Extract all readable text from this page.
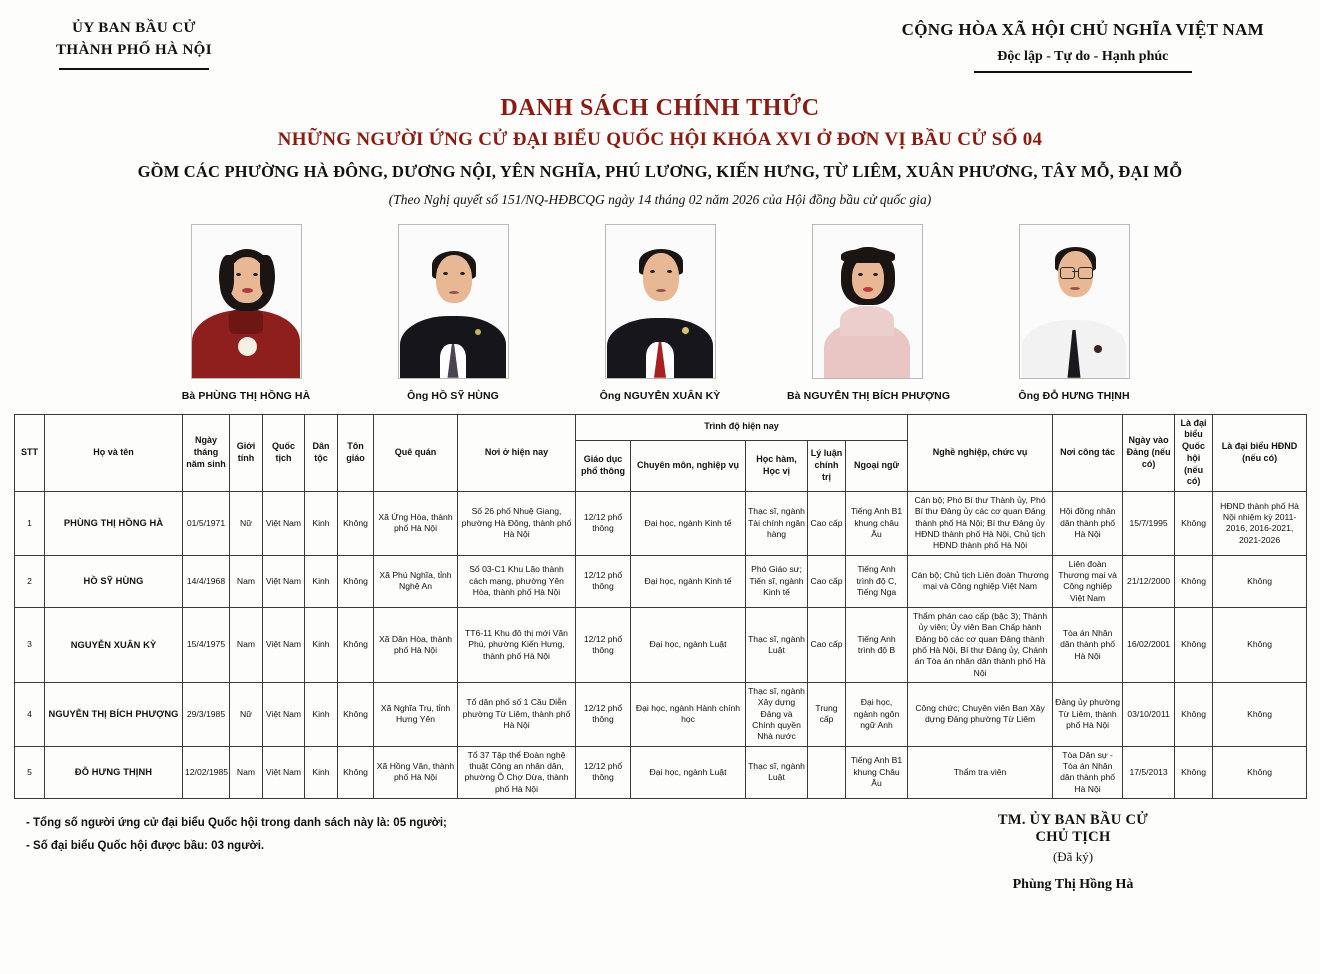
ỦY BAN BẦU CỬ
THÀNH PHỐ HÀ NỘI
CỘNG HÒA XÃ HỘI CHỦ NGHĨA VIỆT NAM
Độc lập - Tự do - Hạnh phúc
DANH SÁCH CHÍNH THỨC
NHỮNG NGƯỜI ỨNG CỬ ĐẠI BIỂU QUỐC HỘI KHÓA XVI Ở ĐƠN VỊ BẦU CỬ SỐ 04
GỒM CÁC PHƯỜNG HÀ ĐÔNG, DƯƠNG NỘI, YÊN NGHĨA, PHÚ LƯƠNG, KIẾN HƯNG, TỪ LIÊM, XUÂN PHƯƠNG, TÂY MỖ, ĐẠI MỖ
(Theo Nghị quyết số 151/NQ-HĐBCQG ngày 14 tháng 02 năm 2026 của Hội đồng bầu cử quốc gia)
Bà PHÙNG THỊ HỒNG HÀ	Ông HỒ SỸ HÙNG	Ông NGUYỄN XUÂN KỲ	Bà NGUYỄN THỊ BÍCH PHƯỢNG	Ông ĐỖ HƯNG THỊNH
STT	Họ và tên	Ngày tháng năm sinh	Giới tính	Quốc tịch	Dân tộc	Tôn giáo	Quê quán	Nơi ở hiện nay	Trình độ hiện nay					Nghề nghiệp, chức vụ	Nơi công tác	Ngày vào Đảng (nếu có)	Là đại biểu Quốc hội (nếu có)	Là đại biểu HĐND (nếu có)
									Giáo dục phổ thông	Chuyên môn, nghiệp vụ	Học hàm, Học vị	Lý luận chính trị	Ngoại ngữ					
1	PHÙNG THỊ HỒNG HÀ	01/5/1971	Nữ	Việt Nam	Kinh	Không	Xã Ứng Hòa, thành phố Hà Nội	Số 26 phố Nhuệ Giang, phường Hà Đông, thành phố Hà Nội	12/12 phổ thông	Đại học, ngành Kinh tế	Thạc sĩ, ngành Tài chính ngân hàng	Cao cấp	Tiếng Anh B1 khung châu Âu	Cán bộ; Phó Bí thư Thành ủy, Phó Bí thư Đảng ủy các cơ quan Đảng thành phố Hà Nội; Bí thư Đảng ủy HĐND thành phố Hà Nội, Chủ tịch HĐND thành phố Hà Nội	Hội đồng nhân dân thành phố Hà Nội	15/7/1995	Không	HĐND thành phố Hà Nội nhiệm kỳ 2011-2016, 2016-2021, 2021-2026
2	HỒ SỸ HÙNG	14/4/1968	Nam	Việt Nam	Kinh	Không	Xã Phú Nghĩa, tỉnh Nghệ An	Số 03-C1 Khu Lão thành cách mạng, phường Yên Hòa, thành phố Hà Nội	12/12 phổ thông	Đại học, ngành Kinh tế	Phó Giáo sư; Tiến sĩ, ngành Kinh tế	Cao cấp	Tiếng Anh trình độ C, Tiếng Nga	Cán bộ; Chủ tịch Liên đoàn Thương mại và Công nghiệp Việt Nam	Liên đoàn Thương mại và Công nghiệp Việt Nam	21/12/2000	Không	Không
3	NGUYỄN XUÂN KỲ	15/4/1975	Nam	Việt Nam	Kinh	Không	Xã Dân Hòa, thành phố Hà Nội	TT6-11 Khu đô thị mới Văn Phú, phường Kiến Hưng, thành phố Hà Nội	12/12 phổ thông	Đại học, ngành Luật	Thạc sĩ, ngành Luật	Cao cấp	Tiếng Anh trình độ B	Thẩm phán cao cấp (bậc 3); Thành ủy viên; Ủy viên Ban Chấp hành Đảng bộ các cơ quan Đảng thành phố Hà Nội, Bí thư Đảng ủy, Chánh án Tòa án nhân dân thành phố Hà Nội	Tòa án Nhân dân thành phố Hà Nội	16/02/2001	Không	Không
4	NGUYỄN THỊ BÍCH PHƯỢNG	29/3/1985	Nữ	Việt Nam	Kinh	Không	Xã Nghĩa Trụ, tỉnh Hưng Yên	Tổ dân phố số 1 Cầu Diễn phường Từ Liêm, thành phố Hà Nội	12/12 phổ thông	Đại học, ngành Hành chính học	Thạc sĩ, ngành Xây dựng Đảng và Chính quyền Nhà nước	Trung cấp	Đại học, ngành ngôn ngữ Anh	Công chức; Chuyên viên Ban Xây dựng Đảng phường Từ Liêm	Đảng ủy phường Từ Liêm, thành phố Hà Nội	03/10/2011	Không	Không
5	ĐỖ HƯNG THỊNH	12/02/1985	Nam	Việt Nam	Kinh	Không	Xã Hồng Vân, thành phố Hà Nội	Tổ 37 Tập thể Đoàn nghệ thuật Công an nhân dân, phường Ô Chợ Dừa, thành phố Hà Nội	12/12 phổ thông	Đại học, ngành Luật	Thạc sĩ, ngành Luật		Tiếng Anh B1 khung Châu Âu	Thẩm tra viên	Tòa Dân sự - Tòa án Nhân dân thành phố Hà Nội	17/5/2013	Không	Không
- Tổng số người ứng cử đại biểu Quốc hội trong danh sách này là: 05 người;
- Số đại biểu Quốc hội được bầu: 03 người.
TM. ỦY BAN BẦU CỬ
CHỦ TỊCH
(Đã ký)
Phùng Thị Hồng Hà
